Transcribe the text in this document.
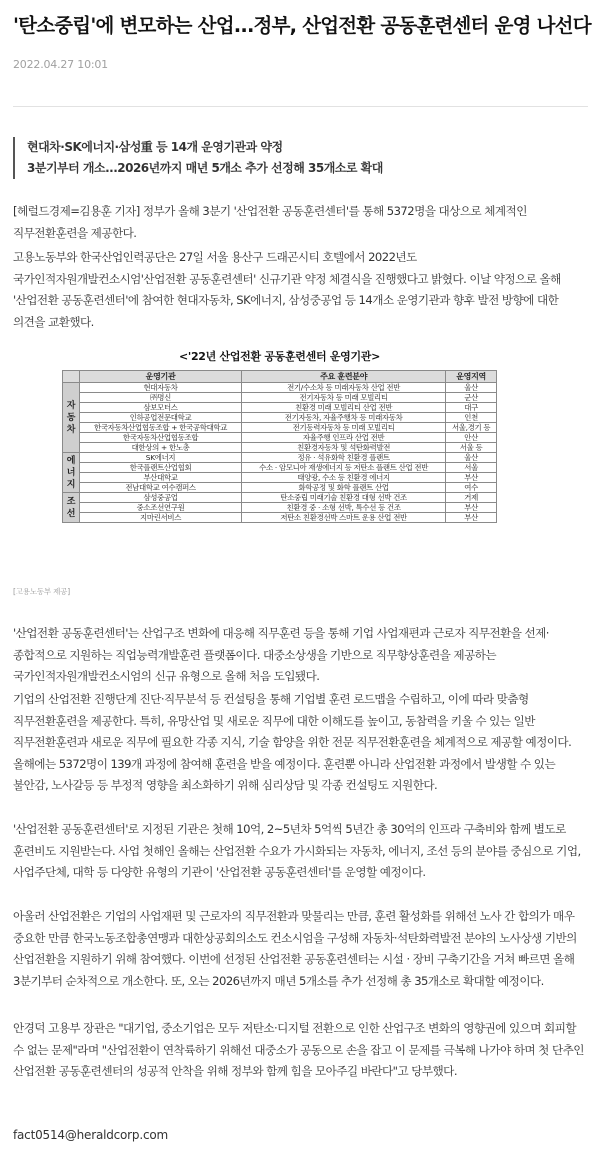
'탄소중립'에 변모하는 산업...정부, 산업전환 공동훈련센터 운영 나선다
2022.04.27 10:01
현대차·SK에너지·삼성重 등 14개 운영기관과 약정
3분기부터 개소...2026년까지 매년 5개소 추가 선정해 35개소로 확대

[헤럴드경제=김용훈 기자] 정부가 올해 3분기 '산업전환 공동훈련센터'를 통해 5372명을 대상으로 체계적인 직무전환훈련을 제공한다.

고용노동부와 한국산업인력공단은 27일 서울 용산구 드래곤시티 호텔에서 2022년도 국가인적자원개발컨소시엄'산업전환 공동훈련센터' 신규기관 약정 체결식을 진행했다고 밝혔다. 이날 약정으로 올해 '산업전환 공동훈련센터'에 참여한 현대자동차, SK에너지, 삼성중공업 등 14개소 운영기관과 향후 발전 방향에 대한 의견을 교환했다.

<'22년 산업전환 공동훈련센터 운영기관>
	운영기관	주요 훈련분야	운영지역
자
동
차	현대자동차	전기/수소차 등 미래자동차 산업 전반	울산
	㈜명신	전기자동차 등 미래 모빌리티	군산
	삼보모터스	친환경 미래 모빌리티 산업 전반	대구
	인하공업전문대학교	전기자동차, 자율주행차 등 미래자동차	인천
	한국자동차산업협동조합 + 한국공학대학교	전기동력자동차 등 미래 모빌리티	서울,경기 등
	한국자동차산업협동조합	자율주행 인프라 산업 전반	안산
	대한상의 + 한노총	친환경자동차 및 석탄화력발전	서울 등
에
너
지	SK에너지	정유 · 석유화학 친환경 플랜트	울산
	한국플랜트산업협회	수소 · 암모니아 재생에너지 등 저탄소 플랜트 산업 전반	서울
	부산대학교	태양광, 수소 등 친환경 에너지	부산
	전남대학교 여수캠퍼스	화학공정 및 화학 플랜트 산업	여수
조
선	삼성중공업	탄소중립 미래기술 친환경 대형 선박 건조	거제
	중소조선연구원	친환경 중 · 소형 선박, 특수선 등 건조	부산
	지마린서비스	저탄소 친환경선박 스마트 운용 산업 전반	부산
[고용노동부 제공]

'산업전환 공동훈련센터'는 산업구조 변화에 대응해 직무훈련 등을 통해 기업 사업재편과 근로자 직무전환을 선제·종합적으로 지원하는 직업능력개발훈련 플랫폼이다. 대중소상생을 기반으로 직무향상훈련을 제공하는 국가인적자원개발컨소시엄의 신규 유형으로 올해 처음 도입됐다.

기업의 산업전환 진행단계 진단·직무분석 등 컨설팅을 통해 기업별 훈련 로드맵을 수립하고, 이에 따라 맞춤형 직무전환훈련을 제공한다. 특히, 유망산업 및 새로운 직무에 대한 이해도를 높이고, 동참력을 키울 수 있는 일반 직무전환훈련과 새로운 직무에 필요한 각종 지식, 기술 함양을 위한 전문 직무전환훈련을 체계적으로 제공할 예정이다. 올해에는 5372명이 139개 과정에 참여해 훈련을 받을 예정이다. 훈련뿐 아니라 산업전환 과정에서 발생할 수 있는 불안감, 노사갈등 등 부정적 영향을 최소화하기 위해 심리상담 및 각종 컨설팅도 지원한다.

'산업전환 공동훈련센터'로 지정된 기관은 첫해 10억, 2~5년차 5억씩 5년간 총 30억의 인프라 구축비와 함께 별도로 훈련비도 지원받는다. 사업 첫해인 올해는 산업전환 수요가 가시화되는 자동차, 에너지, 조선 등의 분야를 중심으로 기업, 사업주단체, 대학 등 다양한 유형의 기관이 '산업전환 공동훈련센터'를 운영할 예정이다.

아울러 산업전환은 기업의 사업재편 및 근로자의 직무전환과 맞물리는 만큼, 훈련 활성화를 위해선 노사 간 합의가 매우 중요한 만큼 한국노동조합총연맹과 대한상공회의소도 컨소시엄을 구성해 자동차·석탄화력발전 분야의 노사상생 기반의 산업전환을 지원하기 위해 참여했다. 이번에 선정된 산업전환 공동훈련센터는 시설 · 장비 구축기간을 거쳐 빠르면 올해 3분기부터 순차적으로 개소한다. 또, 오는 2026년까지 매년 5개소를 추가 선정해 총 35개소로 확대할 예정이다.

안경덕 고용부 장관은 "대기업, 중소기업은 모두 저탄소·디지털 전환으로 인한 산업구조 변화의 영향권에 있으며 회피할 수 없는 문제"라며 "산업전환이 연착륙하기 위해선 대중소가 공동으로 손을 잡고 이 문제를 극복해 나가야 하며 첫 단추인 산업전환 공동훈련센터의 성공적 안착을 위해 정부와 함께 힘을 모아주길 바란다"고 당부했다.

fact0514@heraldcorp.com
